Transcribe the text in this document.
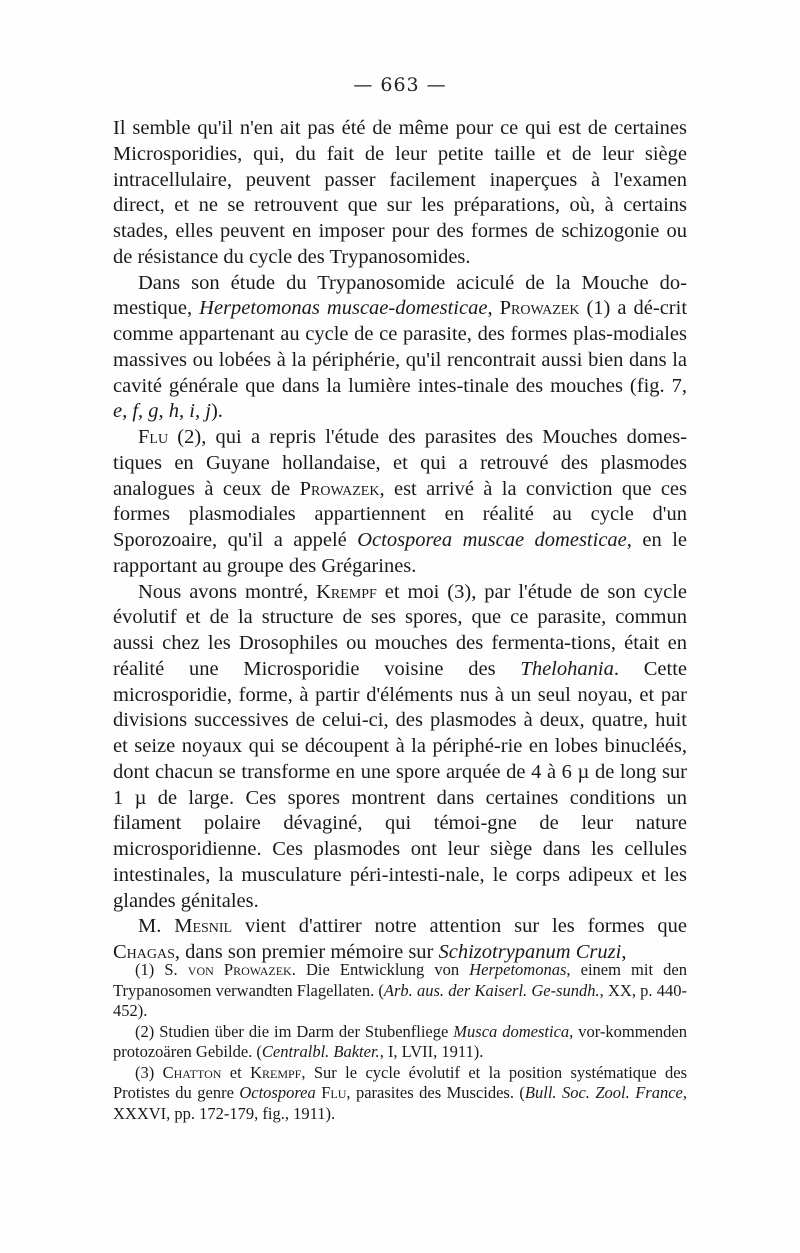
— 663 —

Il semble qu'il n'en ait pas été de même pour ce qui est de certaines Microsporidies, qui, du fait de leur petite taille et de leur siège intracellulaire, peuvent passer facilement inaperçues à l'examen direct, et ne se retrouvent que sur les préparations, où, à certains stades, elles peuvent en imposer pour des formes de schizogonie ou de résistance du cycle des Trypanosomides.

Dans son étude du Trypanosomide aciculé de la Mouche do-mestique, Herpetomonas muscae-domesticae, Prowazek (1) a dé-crit comme appartenant au cycle de ce parasite, des formes plas-modiales massives ou lobées à la périphérie, qu'il rencontrait aussi bien dans la cavité générale que dans la lumière intes-tinale des mouches (fig. 7, e, f, g, h, i, j).

Flu (2), qui a repris l'étude des parasites des Mouches domes-tiques en Guyane hollandaise, et qui a retrouvé des plasmodes analogues à ceux de Prowazek, est arrivé à la conviction que ces formes plasmodiales appartiennent en réalité au cycle d'un Sporozoaire, qu'il a appelé Octosporea muscae domesticae, en le rapportant au groupe des Grégarines.

Nous avons montré, Krempf et moi (3), par l'étude de son cycle évolutif et de la structure de ses spores, que ce parasite, commun aussi chez les Drosophiles ou mouches des fermenta-tions, était en réalité une Microsporidie voisine des Thelohania. Cette microsporidie, forme, à partir d'éléments nus à un seul noyau, et par divisions successives de celui-ci, des plasmodes à deux, quatre, huit et seize noyaux qui se découpent à la périphé-rie en lobes binucléés, dont chacun se transforme en une spore arquée de 4 à 6 µ de long sur 1 µ de large. Ces spores montrent dans certaines conditions un filament polaire dévaginé, qui témoi-gne de leur nature microsporidienne. Ces plasmodes ont leur siège dans les cellules intestinales, la musculature péri-intesti-nale, le corps adipeux et les glandes génitales.

M. Mesnil vient d'attirer notre attention sur les formes que Chagas, dans son premier mémoire sur Schizotrypanum Cruzi,

(1) S. von Prowazek. Die Entwicklung von Herpetomonas, einem mit den Trypanosomen verwandten Flagellaten. (Arb. aus. der Kaiserl. Ge-sundh., XX, p. 440-452).

(2) Studien über die im Darm der Stubenfliege Musca domestica, vor-kommenden protozoären Gebilde. (Centralbl. Bakter., I, LVII, 1911).

(3) Chatton et Krempf, Sur le cycle évolutif et la position systématique des Protistes du genre Octosporea Flu, parasites des Muscides. (Bull. Soc. Zool. France, XXXVI, pp. 172-179, fig., 1911).
